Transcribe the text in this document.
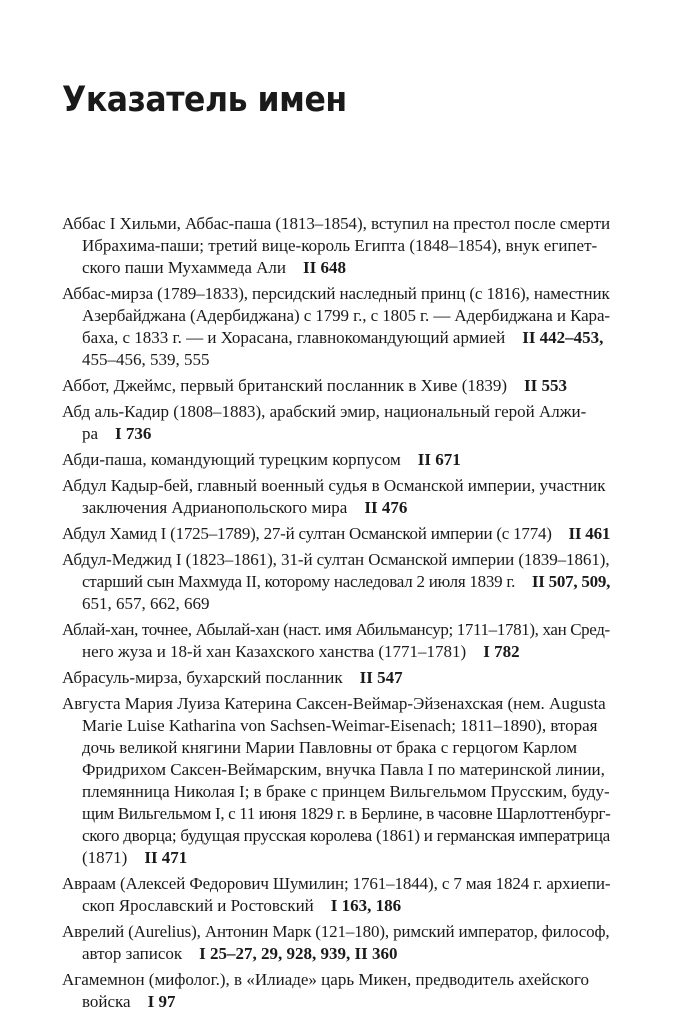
Указатель имен
Аббас I Хильми, Аббас-паша (1813–1854), вступил на престол после смерти
Ибрахима-паши; третий вице-король Египта (1848–1854), внук египет-
ского паши Мухаммеда Али  II 648
Аббас-мирза (1789–1833), персидский наследный принц (с 1816), наместник
Азербайджана (Адербиджана) с 1799 г., с 1805 г. — Адербиджана и Кара-
баха, с 1833 г. — и Хорасана, главнокомандующий армией  II 442–453,
455–456, 539, 555
Аббот, Джеймс, первый британский посланник в Хиве (1839)  II 553
Абд аль-Кадир (1808–1883), арабский эмир, национальный герой Алжи-
ра  I 736
Абди-паша, командующий турецким корпусом  II 671
Абдул Кадыр-бей, главный военный судья в Османской империи, участник
заключения Адрианопольского мира  II 476
Абдул Хамид I (1725–1789), 27-й султан Османской империи (с 1774)  II 461
Абдул-Меджид I (1823–1861), 31-й султан Османской империи (1839–1861),
старший сын Махмуда II, которому наследовал 2 июля 1839 г.  II 507, 509,
651, 657, 662, 669
Аблай-хан, точнее, Абылай-хан (наст. имя Абильмансур; 1711–1781), хан Сред-
него жуза и 18-й хан Казахского ханства (1771–1781)  I 782
Абрасуль-мирза, бухарский посланник  II 547
Августа Мария Луиза Катерина Саксен-Веймар-Эйзенахская (нем. Augusta
Marie Luise Katharina von Sachsen-Weimar-Eisenach; 1811–1890), вторая
дочь великой княгини Марии Павловны от брака с герцогом Карлом
Фридрихом Саксен-Веймарским, внучка Павла I по материнской линии,
племянница Николая I; в браке с принцем Вильгельмом Прусским, буду-
щим Вильгельмом I, с 11 июня 1829 г. в Берлине, в часовне Шарлоттенбург-
ского дворца; будущая прусская королева (1861) и германская императрица
(1871)  II 471
Авраам (Алексей Федорович Шумилин; 1761–1844), с 7 мая 1824 г. архиепи-
скоп Ярославский и Ростовский  I 163, 186
Аврелий (Aurelius), Антонин Марк (121–180), римский император, философ,
автор записок  I 25–27, 29, 928, 939, II 360
Агамемнон (мифолог.), в «Илиаде» царь Микен, предводитель ахейского
войска  I 97
